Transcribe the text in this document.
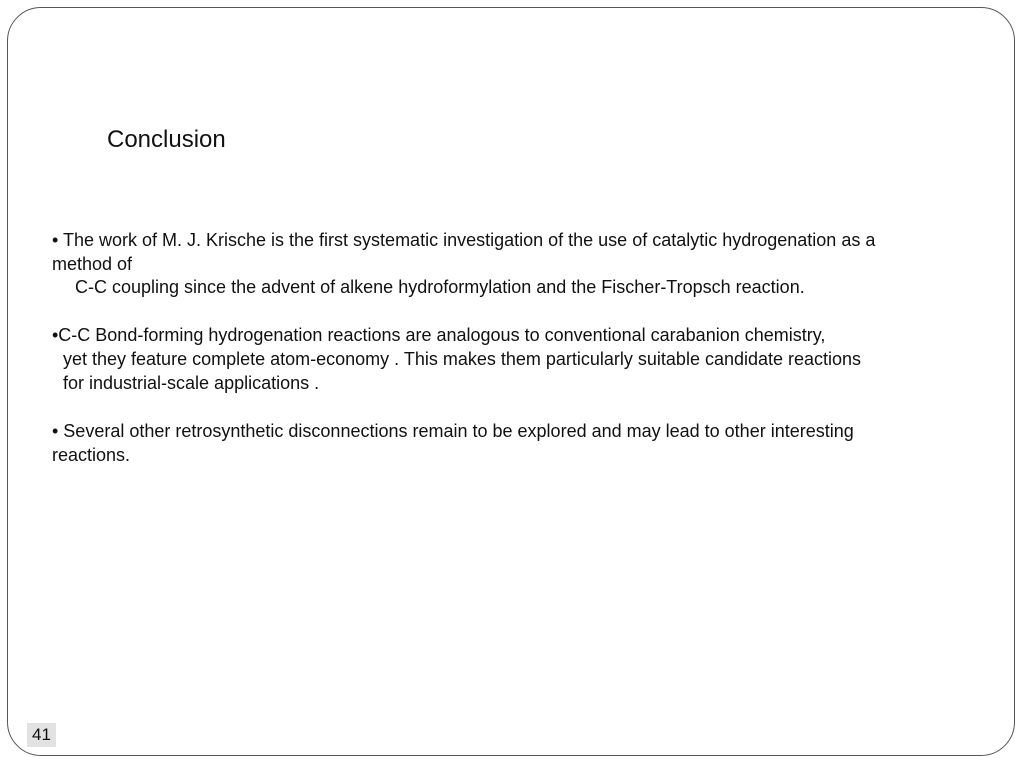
Conclusion
• The work of M. J. Krische is the first systematic investigation of the use of catalytic hydrogenation as a
method of
C-C coupling since the advent of alkene hydroformylation and the Fischer-Tropsch reaction.
•C-C Bond-forming hydrogenation reactions are analogous to conventional carabanion chemistry,
yet they feature complete atom-economy . This makes them particularly suitable candidate reactions
for industrial-scale applications .
• Several other retrosynthetic disconnections remain to be explored and may lead to other interesting
reactions.
41
